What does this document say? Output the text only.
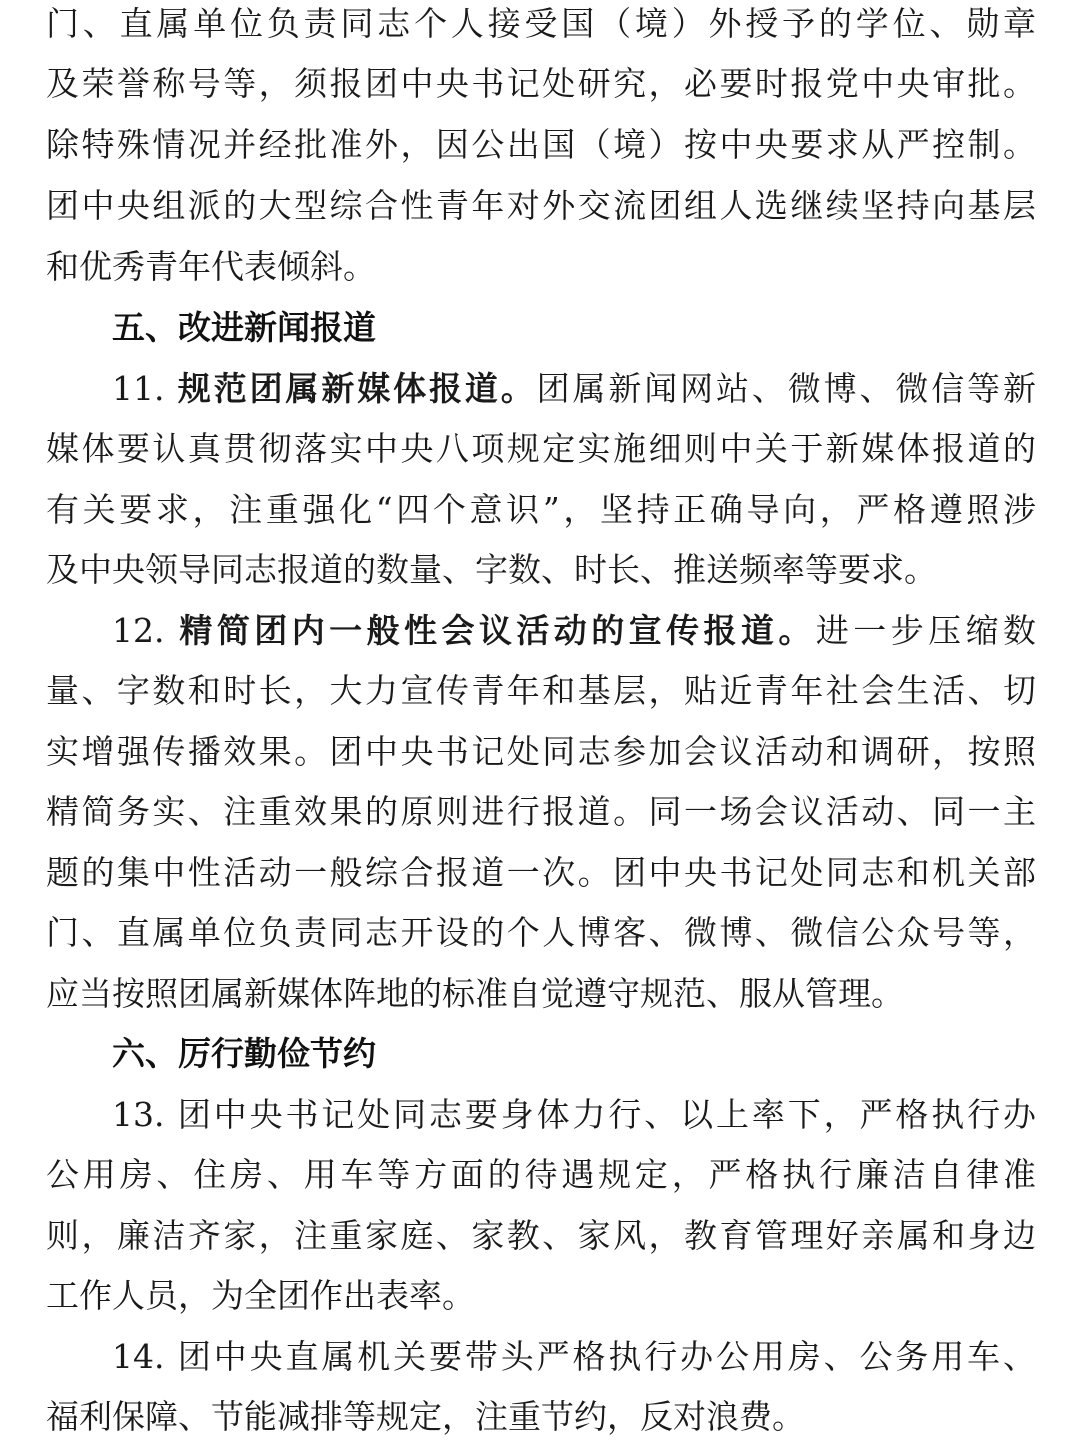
门、直属单位负责同志个人接受国（境）外授予的学位、勋章
及荣誉称号等，须报团中央书记处研究，必要时报党中央审批。
除特殊情况并经批准外，因公出国（境）按中央要求从严控制。
团中央组派的大型综合性青年对外交流团组人选继续坚持向基层
和优秀青年代表倾斜。
五、改进新闻报道
11. 规范团属新媒体报道。团属新闻网站、微博、微信等新
媒体要认真贯彻落实中央八项规定实施细则中关于新媒体报道的
有关要求，注重强化“四个意识”，坚持正确导向，严格遵照涉
及中央领导同志报道的数量、字数、时长、推送频率等要求。
12. 精简团内一般性会议活动的宣传报道。进一步压缩数
量、字数和时长，大力宣传青年和基层，贴近青年社会生活、切
实增强传播效果。团中央书记处同志参加会议活动和调研，按照
精简务实、注重效果的原则进行报道。同一场会议活动、同一主
题的集中性活动一般综合报道一次。团中央书记处同志和机关部
门、直属单位负责同志开设的个人博客、微博、微信公众号等，
应当按照团属新媒体阵地的标准自觉遵守规范、服从管理。
六、厉行勤俭节约
13. 团中央书记处同志要身体力行、以上率下，严格执行办
公用房、住房、用车等方面的待遇规定，严格执行廉洁自律准
则，廉洁齐家，注重家庭、家教、家风，教育管理好亲属和身边
工作人员，为全团作出表率。
14. 团中央直属机关要带头严格执行办公用房、公务用车、
福利保障、节能减排等规定，注重节约，反对浪费。
